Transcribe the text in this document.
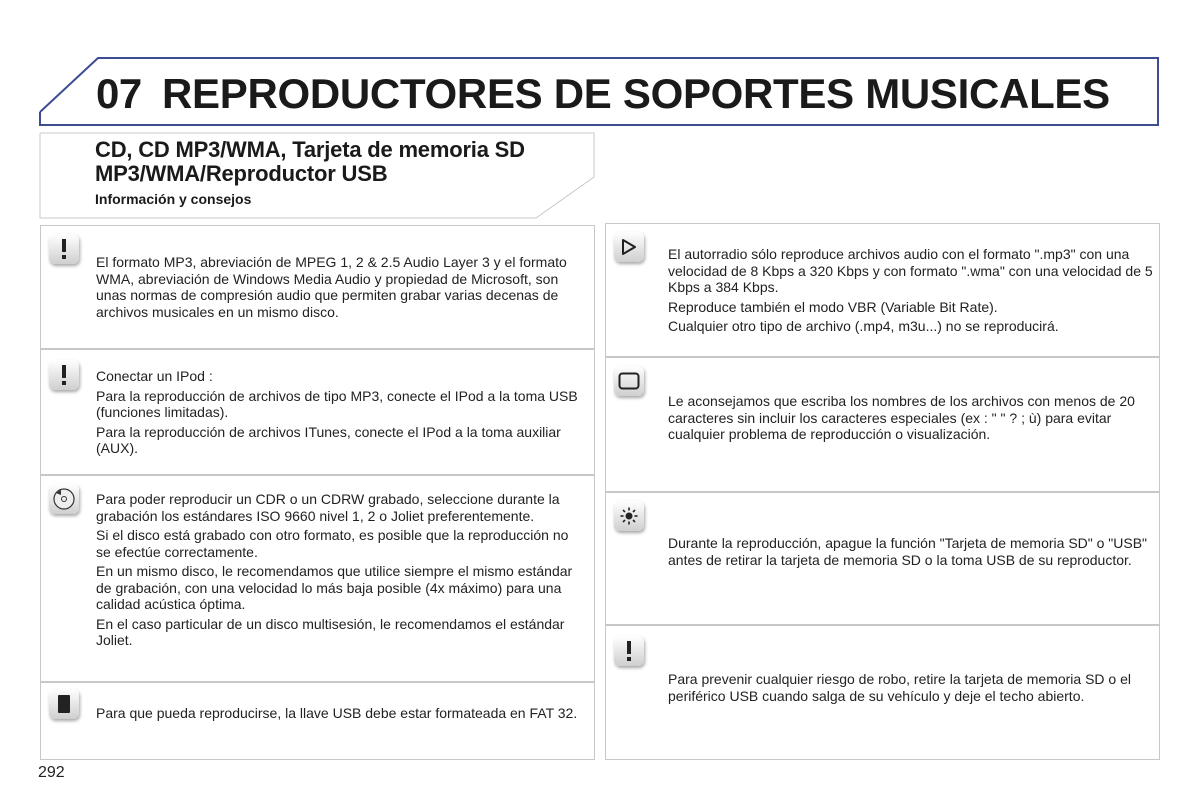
07 REPRODUCTORES DE SOPORTES MUSICALES
CD, CD MP3/WMA, Tarjeta de memoria SD
MP3/WMA/Reproductor USB
Información y consejos

El formato MP3, abreviación de MPEG 1, 2 & 2.5 Audio Layer 3 y el formato WMA, abreviación de Windows Media Audio y propiedad de Microsoft, son unas normas de compresión audio que permiten grabar varias decenas de archivos musicales en un mismo disco.

Conectar un IPod :

Para la reproducción de archivos de tipo MP3, conecte el IPod a la toma USB (funciones limitadas).

Para la reproducción de archivos ITunes, conecte el IPod a la toma auxiliar (AUX).

Para poder reproducir un CDR o un CDRW grabado, seleccione durante la grabación los estándares ISO 9660 nivel 1, 2 o Joliet preferentemente.

Si el disco está grabado con otro formato, es posible que la reproducción no se efectúe correctamente.

En un mismo disco, le recomendamos que utilice siempre el mismo estándar de grabación, con una velocidad lo más baja posible (4x máximo) para una calidad acústica óptima.

En el caso particular de un disco multisesión, le recomendamos el estándar Joliet.

Para que pueda reproducirse, la llave USB debe estar formateada en FAT 32.

El autorradio sólo reproduce archivos audio con el formato ".mp3" con una velocidad de 8 Kbps a 320 Kbps y con formato ".wma" con una velocidad de 5 Kbps a 384 Kbps.

Reproduce también el modo VBR (Variable Bit Rate).

Cualquier otro tipo de archivo (.mp4, m3u...) no se reproducirá.

Le aconsejamos que escriba los nombres de los archivos con menos de 20 caracteres sin incluir los caracteres especiales (ex : " " ? ; ù) para evitar cualquier problema de reproducción o visualización.

Durante la reproducción, apague la función "Tarjeta de memoria SD" o "USB" antes de retirar la tarjeta de memoria SD o la toma USB de su reproductor.

Para prevenir cualquier riesgo de robo, retire la tarjeta de memoria SD o el periférico USB cuando salga de su vehículo y deje el techo abierto.

292
